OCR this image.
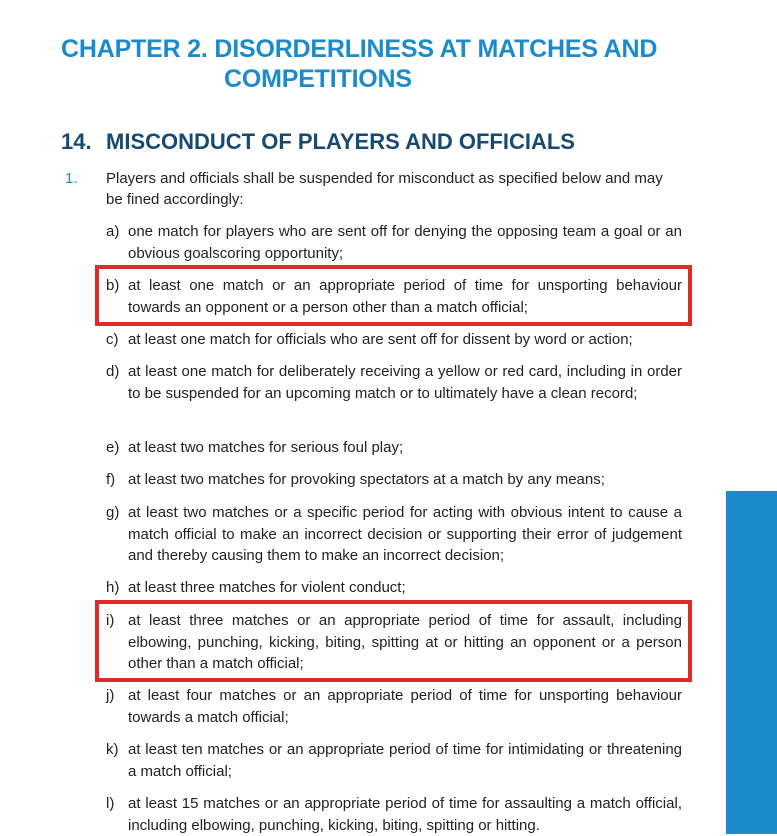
CHAPTER 2. DISORDERLINESS AT MATCHES AND
COMPETITIONS
14. MISCONDUCT OF PLAYERS AND OFFICIALS
1. Players and officials shall be suspended for misconduct as specified below and may be fined accordingly:
a) one match for players who are sent off for denying the opposing team a goal or an obvious goalscoring opportunity;
b) at least one match or an appropriate period of time for unsporting behaviour towards an opponent or a person other than a match official;
c) at least one match for officials who are sent off for dissent by word or action;
d) at least one match for deliberately receiving a yellow or red card, including in order to be suspended for an upcoming match or to ultimately have a clean record;
e) at least two matches for serious foul play;
f) at least two matches for provoking spectators at a match by any means;
g) at least two matches or a specific period for acting with obvious intent to cause a match official to make an incorrect decision or supporting their error of judgement and thereby causing them to make an incorrect decision;
h) at least three matches for violent conduct;
i) at least three matches or an appropriate period of time for assault, including elbowing, punching, kicking, biting, spitting at or hitting an opponent or a person other than a match official;
j) at least four matches or an appropriate period of time for unsporting behaviour towards a match official;
k) at least ten matches or an appropriate period of time for intimidating or threatening a match official;
l) at least 15 matches or an appropriate period of time for assaulting a match official, including elbowing, punching, kicking, biting, spitting or hitting.
